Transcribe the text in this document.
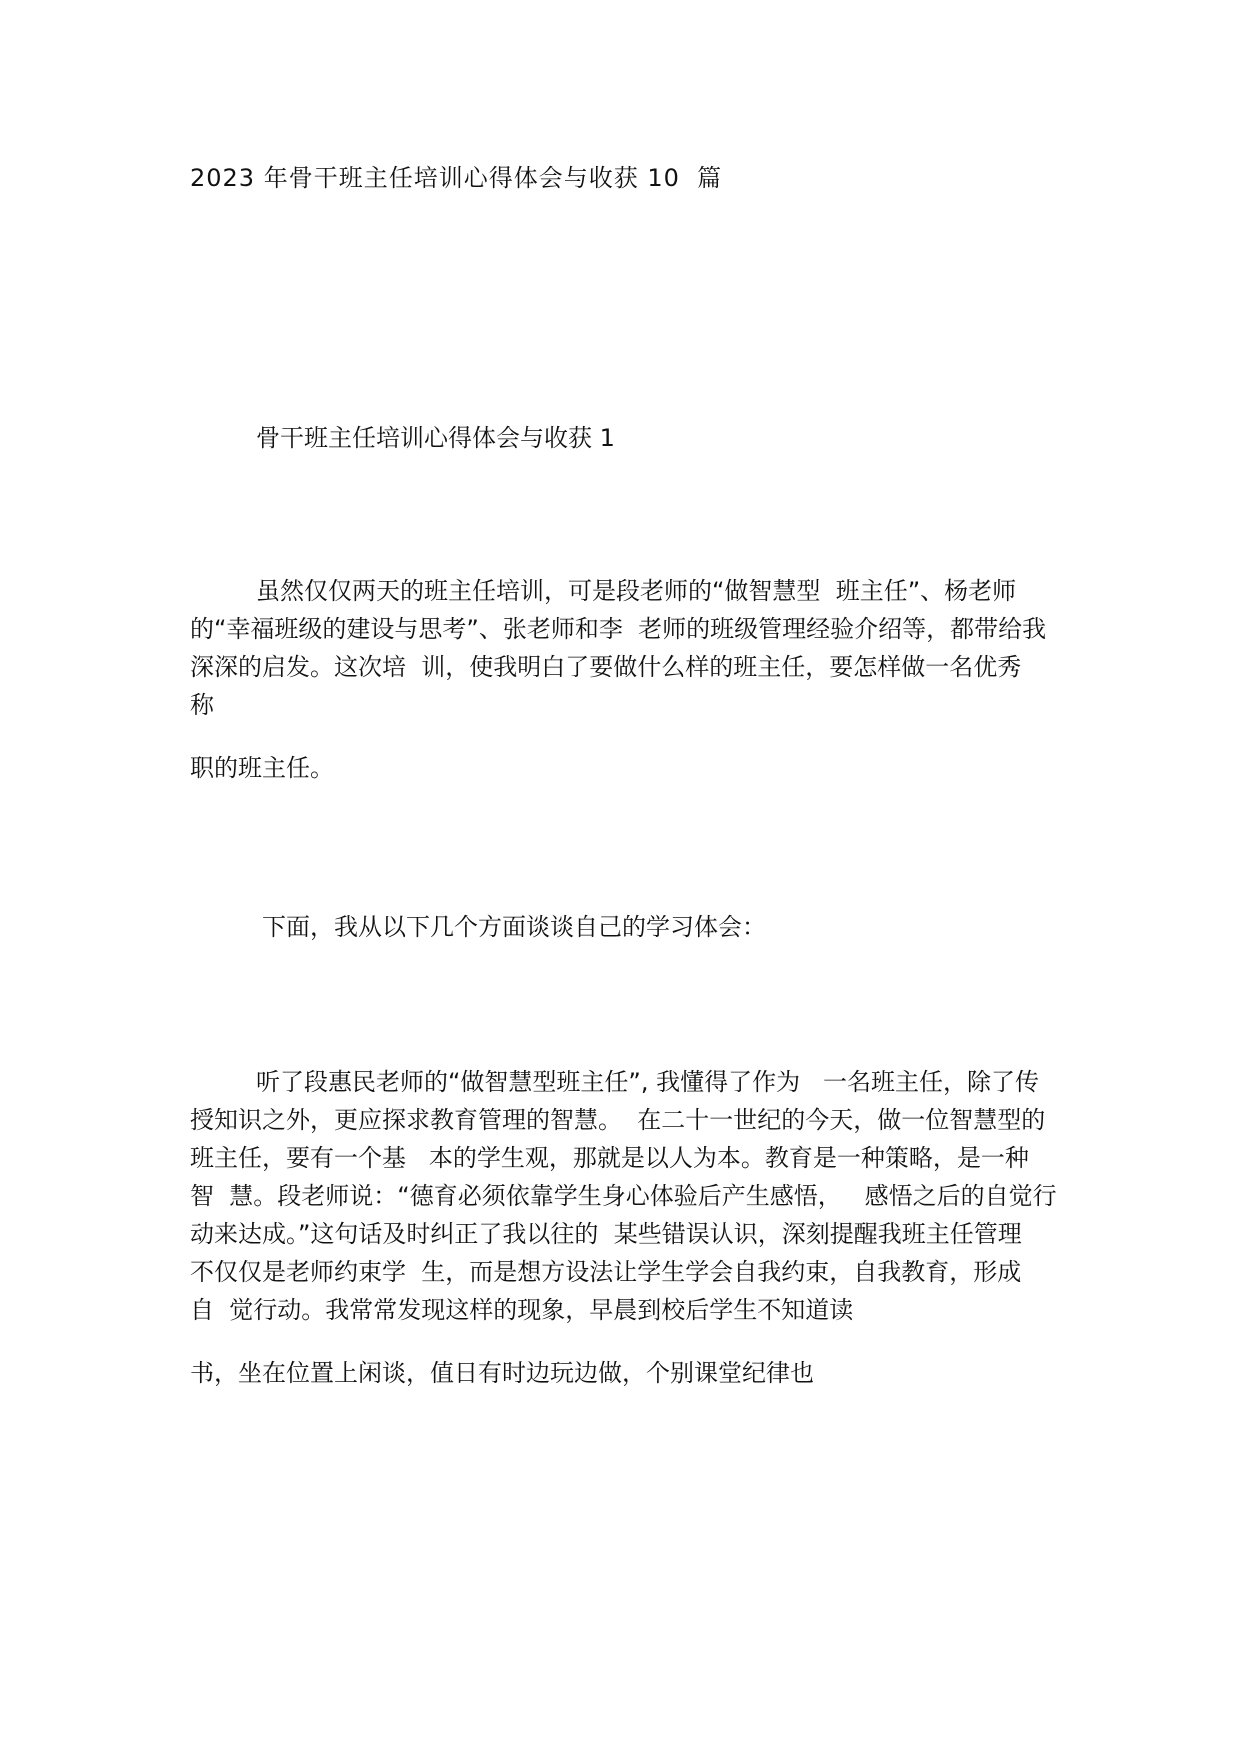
2023 年骨干班主任培训心得体会与收获 10  篇
骨干班主任培训心得体会与收获 1
虽然仅仅两天的班主任培训，可是段老师的“做智慧型  班主任”、杨老师
的“幸福班级的建设与思考”、张老师和李  老师的班级管理经验介绍等，都带给我
深深的启发。这次培  训，使我明白了要做什么样的班主任，要怎样做一名优秀
称
职的班主任。
下面，我从以下几个方面谈谈自己的学习体会：
听了段惠民老师的“做智慧型班主任”, 我懂得了作为   一名班主任，除了传
授知识之外，更应探求教育管理的智慧。  在二十一世纪的今天，做一位智慧型的
班主任，要有一个基   本的学生观，那就是以人为本。教育是一种策略，是一种
智  慧。段老师说：“德育必须依靠学生身心体验后产生感悟，   感悟之后的自觉行
动来达成。”这句话及时纠正了我以往的  某些错误认识，深刻提醒我班主任管理
不仅仅是老师约束学  生，而是想方设法让学生学会自我约束，自我教育，形成
自  觉行动。我常常发现这样的现象，早晨到校后学生不知道读
书，坐在位置上闲谈，值日有时边玩边做，个别课堂纪律也
